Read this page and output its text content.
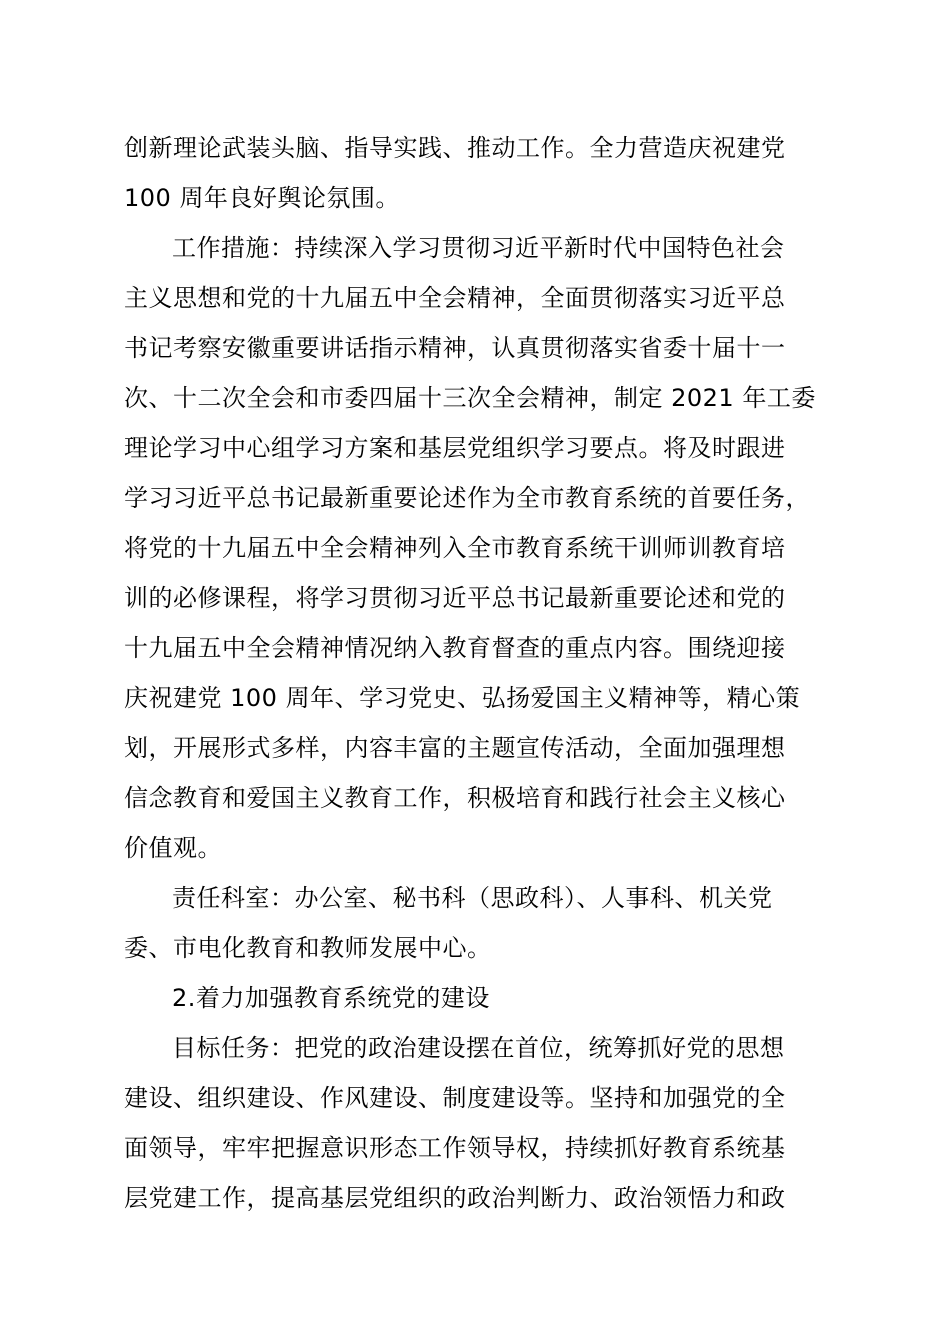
创新理论武装头脑、指导实践、推动工作。全力营造庆祝建党
100 周年良好舆论氛围。
工作措施：持续深入学习贯彻习近平新时代中国特色社会
主义思想和党的十九届五中全会精神，全面贯彻落实习近平总
书记考察安徽重要讲话指示精神，认真贯彻落实省委十届十一
次、十二次全会和市委四届十三次全会精神，制定 2021 年工委
理论学习中心组学习方案和基层党组织学习要点。将及时跟进
学习习近平总书记最新重要论述作为全市教育系统的首要任务，
将党的十九届五中全会精神列入全市教育系统干训师训教育培
训的必修课程，将学习贯彻习近平总书记最新重要论述和党的
十九届五中全会精神情况纳入教育督查的重点内容。围绕迎接
庆祝建党 100 周年、学习党史、弘扬爱国主义精神等，精心策
划，开展形式多样，内容丰富的主题宣传活动，全面加强理想
信念教育和爱国主义教育工作，积极培育和践行社会主义核心
价值观。
责任科室：办公室、秘书科（思政科）、人事科、机关党
委、市电化教育和教师发展中心。
2.着力加强教育系统党的建设
目标任务：把党的政治建设摆在首位，统筹抓好党的思想
建设、组织建设、作风建设、制度建设等。坚持和加强党的全
面领导，牢牢把握意识形态工作领导权，持续抓好教育系统基
层党建工作，提高基层党组织的政治判断力、政治领悟力和政
